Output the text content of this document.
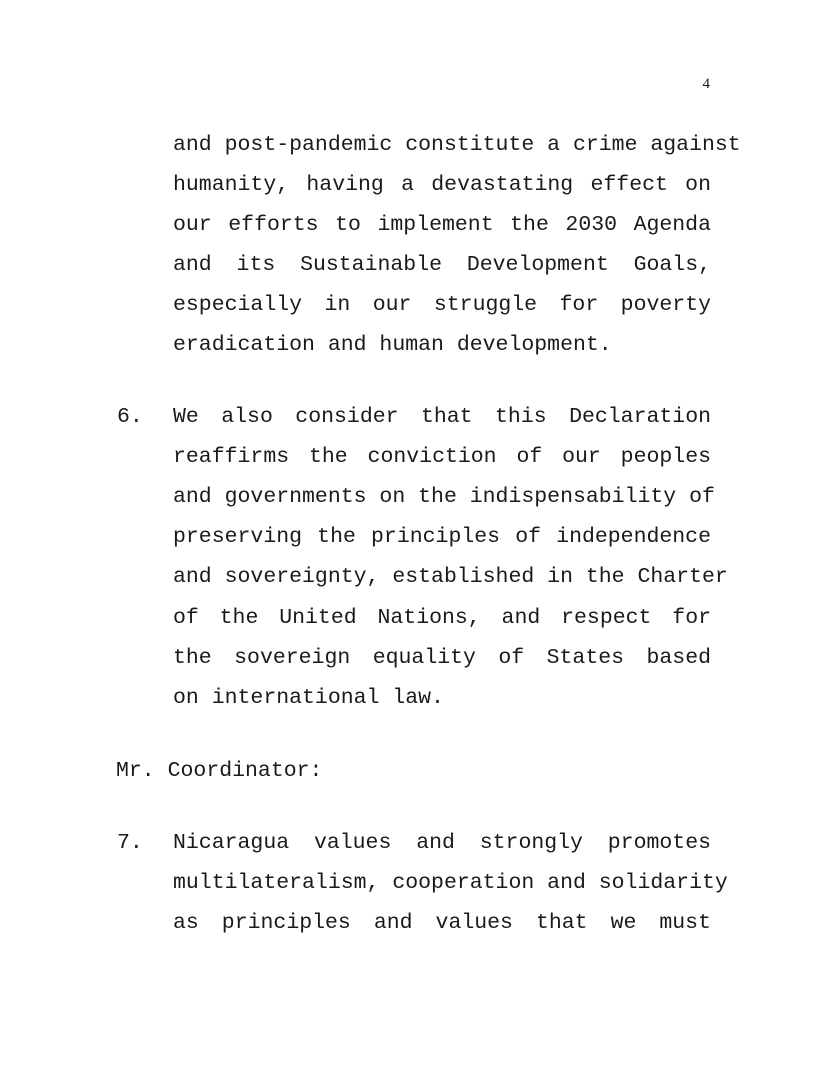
4
and post-pandemic constitute a crime against
humanity, having a devastating effect on
our efforts to implement the 2030 Agenda
and its Sustainable Development Goals,
especially in our struggle for poverty
eradication and human development.
6. We also consider that this Declaration
reaffirms the conviction of our peoples
and governments on the indispensability of
preserving the principles of independence
and sovereignty, established in the Charter
of the United Nations, and respect for
the sovereign equality of States based
on international law.
Mr. Coordinator:
7. Nicaragua values and strongly promotes
multilateralism, cooperation and solidarity
as principles and values that we must
